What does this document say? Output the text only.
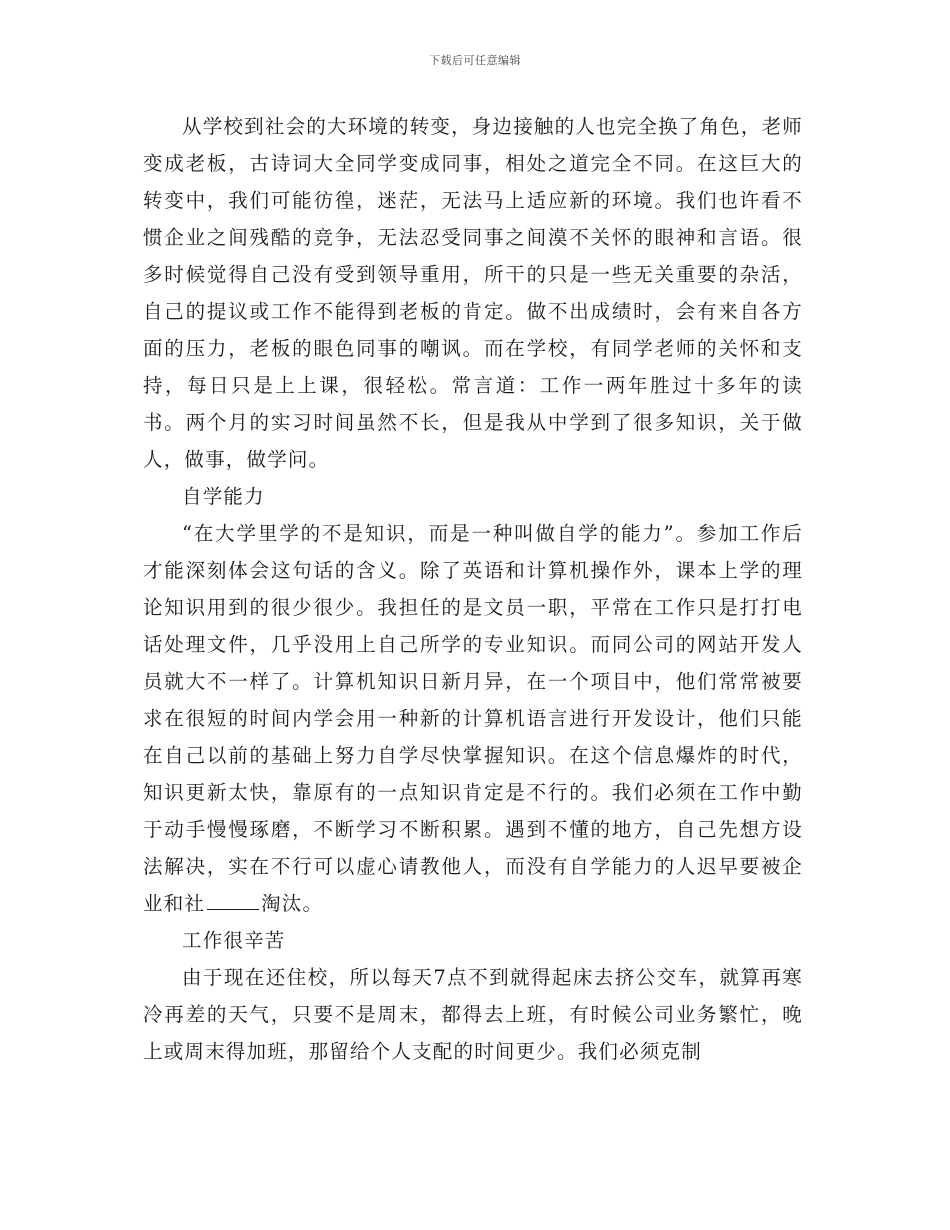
下载后可任意编辑

从学校到社会的大环境的转变，身边接触的人也完全换了角色，老师变成老板，古诗词大全同学变成同事，相处之道完全不同。在这巨大的转变中，我们可能彷徨，迷茫，无法马上适应新的环境。我们也许看不惯企业之间残酷的竞争，无法忍受同事之间漠不关怀的眼神和言语。很多时候觉得自己没有受到领导重用，所干的只是一些无关重要的杂活，自己的提议或工作不能得到老板的肯定。做不出成绩时，会有来自各方面的压力，老板的眼色同事的嘲讽。而在学校，有同学老师的关怀和支持，每日只是上上课，很轻松。常言道：工作一两年胜过十多年的读书。两个月的实习时间虽然不长，但是我从中学到了很多知识，关于做人，做事，做学问。

自学能力

“在大学里学的不是知识，而是一种叫做自学的能力”。参加工作后才能深刻体会这句话的含义。除了英语和计算机操作外，课本上学的理论知识用到的很少很少。我担任的是文员一职，平常在工作只是打打电话处理文件，几乎没用上自己所学的专业知识。而同公司的网站开发人员就大不一样了。计算机知识日新月异，在一个项目中，他们常常被要求在很短的时间内学会用一种新的计算机语言进行开发设计，他们只能在自己以前的基础上努力自学尽快掌握知识。在这个信息爆炸的时代，知识更新太快，靠原有的一点知识肯定是不行的。我们必须在工作中勤于动手慢慢琢磨，不断学习不断积累。遇到不懂的地方，自己先想方设法解决，实在不行可以虚心请教他人，而没有自学能力的人迟早要被企业和社	淘汰。

工作很辛苦

由于现在还住校，所以每天7点不到就得起床去挤公交车，就算再寒冷再差的天气，只要不是周末，都得去上班，有时候公司业务繁忙，晚上或周末得加班，那留给个人支配的时间更少。我们必须克制
